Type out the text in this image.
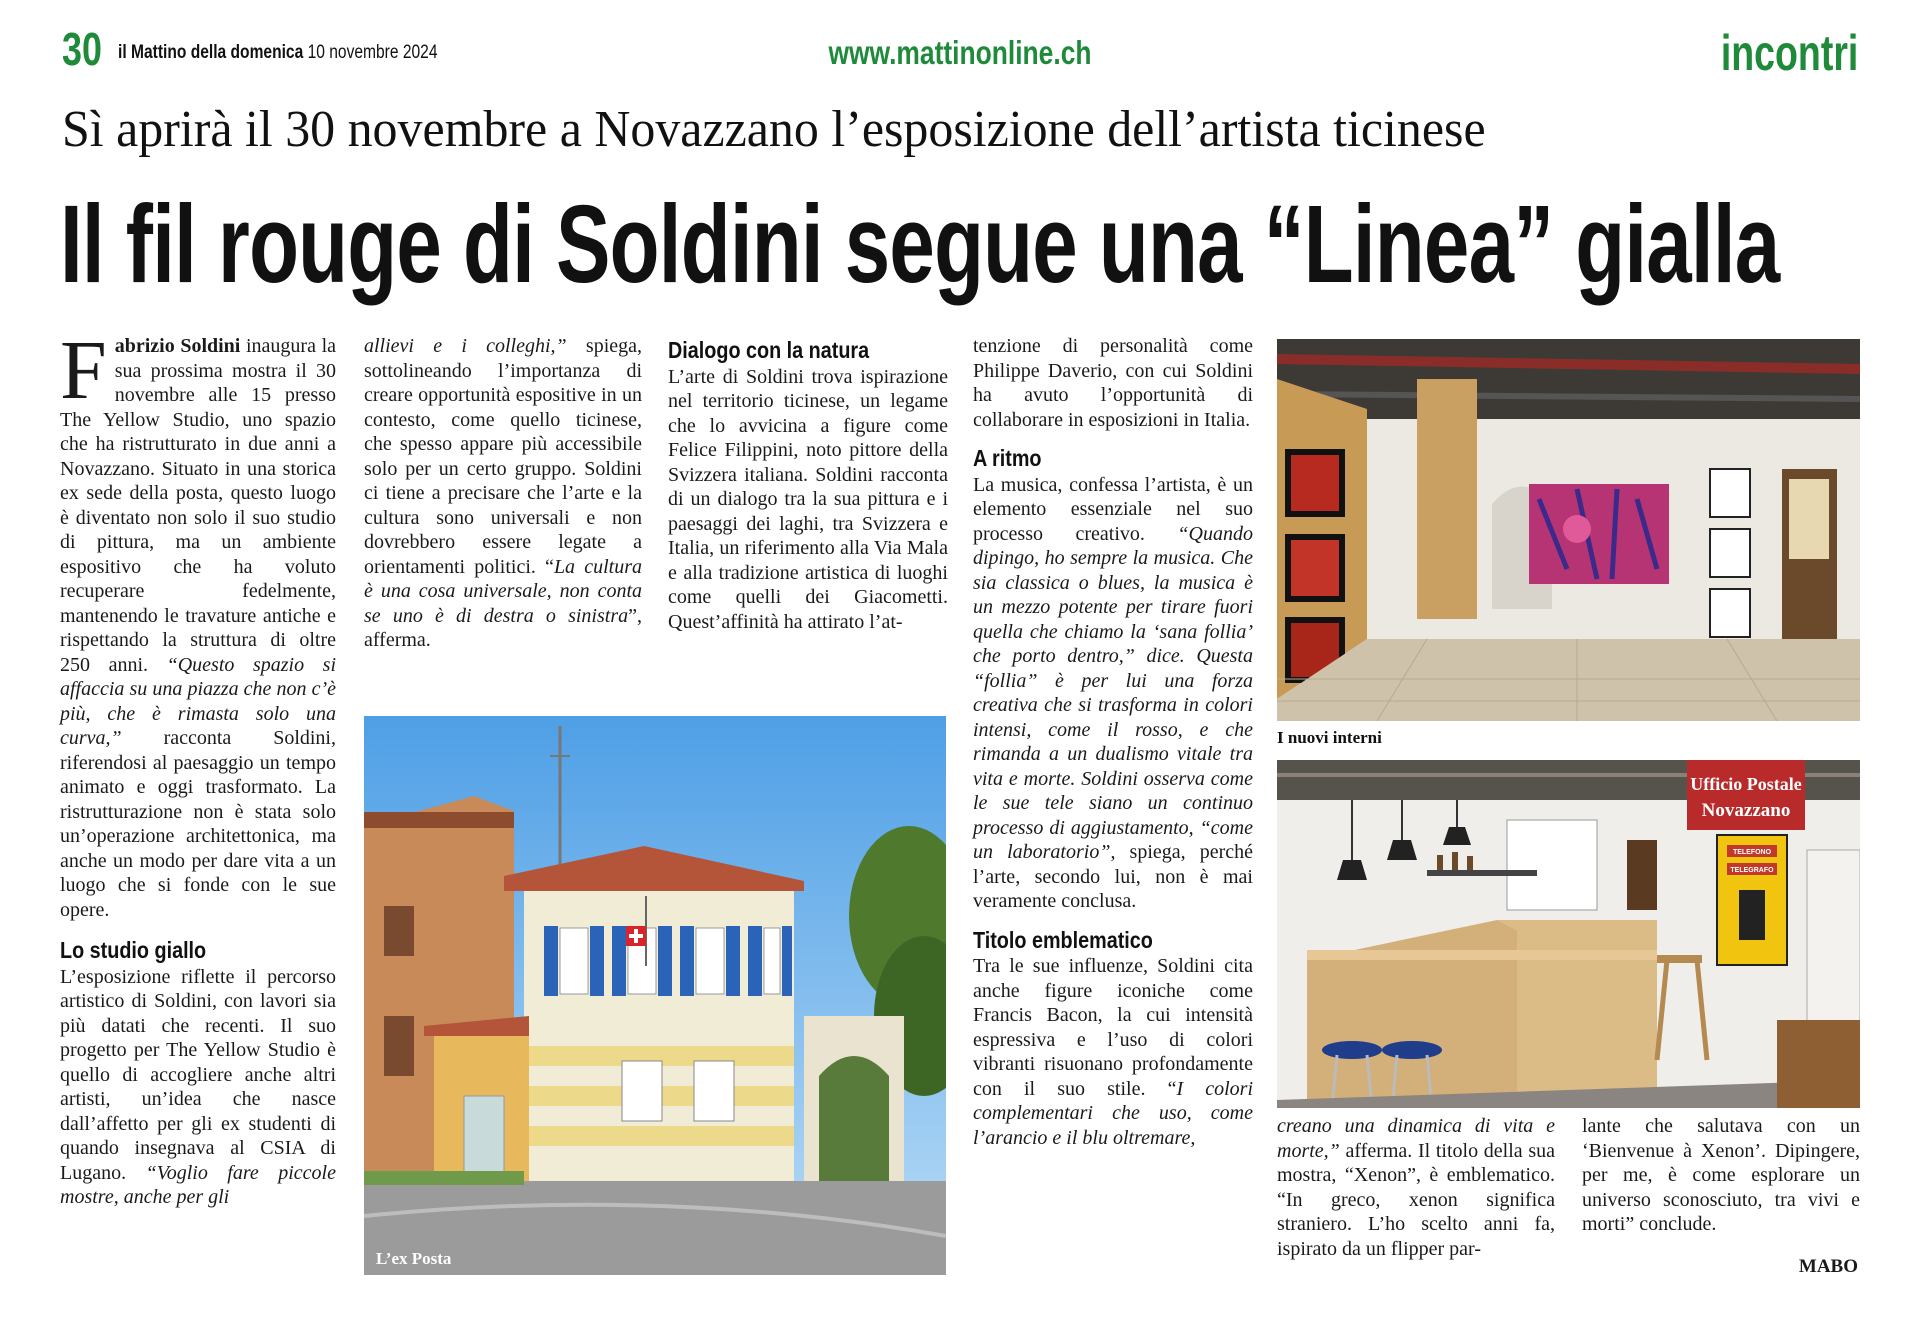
30 il Mattino della domenica 10 novembre 2024	www.mattinonline.ch	incontri
Sì aprirà il 30 novembre a Novazzano l’esposizione dell’artista ticinese
Il fil rouge di Soldini segue una “Linea” gialla

Fabrizio Soldini inaugura la sua prossima mostra il 30 novembre alle 15 presso The Yellow Studio, uno spazio che ha ristrutturato in due anni a Novazzano. Situato in una storica ex sede della posta, questo luogo è diventato non solo il suo studio di pittura, ma un ambiente espositivo che ha voluto recuperare fedelmente, mantenendo le travature antiche e rispettando la struttura di oltre 250 anni. “Questo spazio si affaccia su una piazza che non c’è più, che è rimasta solo una curva,” racconta Soldini, riferendosi al paesaggio un tempo animato e oggi trasformato. La ristrutturazione non è stata solo un’operazione architettonica, ma anche un modo per dare vita a un luogo che si fonde con le sue opere.

Lo studio giallo

L’esposizione riflette il percorso artistico di Soldini, con lavori sia più datati che recenti. Il suo progetto per The Yellow Studio è quello di accogliere anche altri artisti, un’idea che nasce dall’affetto per gli ex studenti di quando insegnava al CSIA di Lugano. “Voglio fare piccole mostre, anche per gli

allievi e i colleghi,” spiega, sottolineando l’importanza di creare opportunità espositive in un contesto, come quello ticinese, che spesso appare più accessibile solo per un certo gruppo. Soldini ci tiene a precisare che l’arte e la cultura sono universali e non dovrebbero essere legate a orientamenti politici. “La cultura è una cosa universale, non conta se uno è di destra o sinistra”, afferma.

Dialogo con la natura

L’arte di Soldini trova ispirazione nel territorio ticinese, un legame che lo avvicina a figure come Felice Filippini, noto pittore della Svizzera italiana. Soldini racconta di un dialogo tra la sua pittura e i paesaggi dei laghi, tra Svizzera e Italia, un riferimento alla Via Mala e alla tradizione artistica di luoghi come quelli dei Giacometti. Quest’affinità ha attirato l’at-

tenzione di personalità come Philippe Daverio, con cui Soldini ha avuto l’opportunità di collaborare in esposizioni in Italia.

A ritmo

La musica, confessa l’artista, è un elemento essenziale nel suo processo creativo. “Quando dipingo, ho sempre la musica. Che sia classica o blues, la musica è un mezzo potente per tirare fuori quella che chiamo la ‘sana follia’ che porto dentro,” dice. Questa “follia” è per lui una forza creativa che si trasforma in colori intensi, come il rosso, e che rimanda a un dualismo vitale tra vita e morte. Soldini osserva come le sue tele siano un continuo processo di aggiustamento, “come un laboratorio”, spiega, perché l’arte, secondo lui, non è mai veramente conclusa.

Titolo emblematico

Tra le sue influenze, Soldini cita anche figure iconiche come Francis Bacon, la cui intensità espressiva e l’uso di colori vibranti risuonano profondamente con il suo stile. “I colori complementari che uso, come l’arancio e il blu oltremare,

creano una dinamica di vita e morte,” afferma. Il titolo della sua mostra, “Xenon”, è emblematico. “In greco, xenon significa straniero. L’ho scelto anni fa, ispirato da un flipper par-

lante che salutava con un ‘Bienvenue à Xenon’. Dipingere, per me, è come esplorare un universo sconosciuto, tra vivi e morti” conclude.

MABO
L’ex Posta
I nuovi interni
Ufficio Postale
Novazzano
TELEFONO
TELEGRAFO
